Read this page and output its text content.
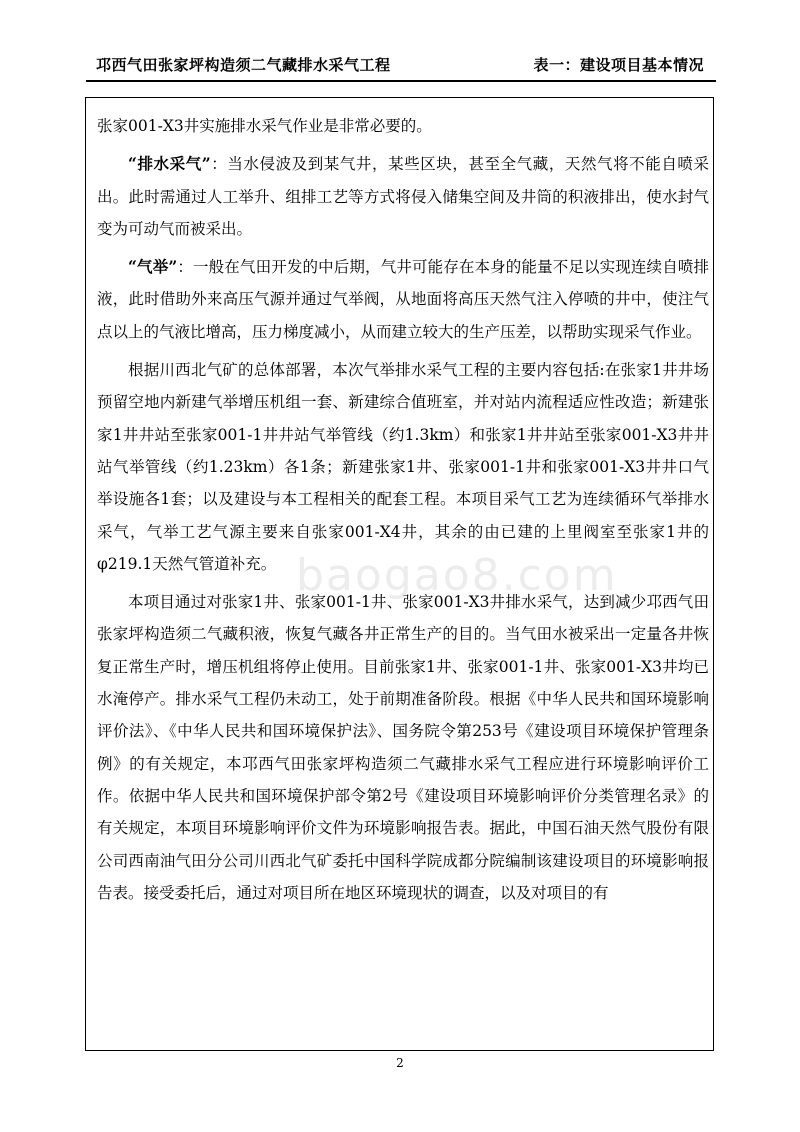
邛西气田张家坪构造须二气藏排水采气工程	表一：建设项目基本情况

张家001-X3井实施排水采气作业是非常必要的。

“排水采气”：当水侵波及到某气井，某些区块，甚至全气藏，天然气将不能自喷采出。此时需通过人工举升、组排工艺等方式将侵入储集空间及井筒的积液排出，使水封气变为可动气而被采出。

“气举”：一般在气田开发的中后期，气井可能存在本身的能量不足以实现连续自喷排液，此时借助外来高压气源并通过气举阀，从地面将高压天然气注入停喷的井中，使注气点以上的气液比增高，压力梯度减小，从而建立较大的生产压差，以帮助实现采气作业。

根据川西北气矿的总体部署，本次气举排水采气工程的主要内容包括:在张家1井井场预留空地内新建气举增压机组一套、新建综合值班室，并对站内流程适应性改造；新建张家1井井站至张家001-1井井站气举管线（约1.3km）和张家1井井站至张家001-X3井井站气举管线（约1.23km）各1条；新建张家1井、张家001-1井和张家001-X3井井口气举设施各1套；以及建设与本工程相关的配套工程。本项目采气工艺为连续循环气举排水采气，气举工艺气源主要来自张家001-X4井，其余的由已建的上里阀室至张家1井的φ219.1天然气管道补充。

本项目通过对张家1井、张家001-1井、张家001-X3井排水采气，达到减少邛西气田张家坪构造须二气藏积液，恢复气藏各井正常生产的目的。当气田水被采出一定量各井恢复正常生产时，增压机组将停止使用。目前张家1井、张家001-1井、张家001-X3井均已水淹停产。排水采气工程仍未动工，处于前期准备阶段。根据《中华人民共和国环境影响评价法》、《中华人民共和国环境保护法》、国务院令第253号《建设项目环境保护管理条例》的有关规定，本邛西气田张家坪构造须二气藏排水采气工程应进行环境影响评价工作。依据中华人民共和国环境保护部令第2号《建设项目环境影响评价分类管理名录》的有关规定，本项目环境影响评价文件为环境影响报告表。据此，中国石油天然气股份有限公司西南油气田分公司川西北气矿委托中国科学院成都分院编制该建设项目的环境影响报告表。接受委托后，通过对项目所在地区环境现状的调查，以及对项目的有

baogao8.com
2
